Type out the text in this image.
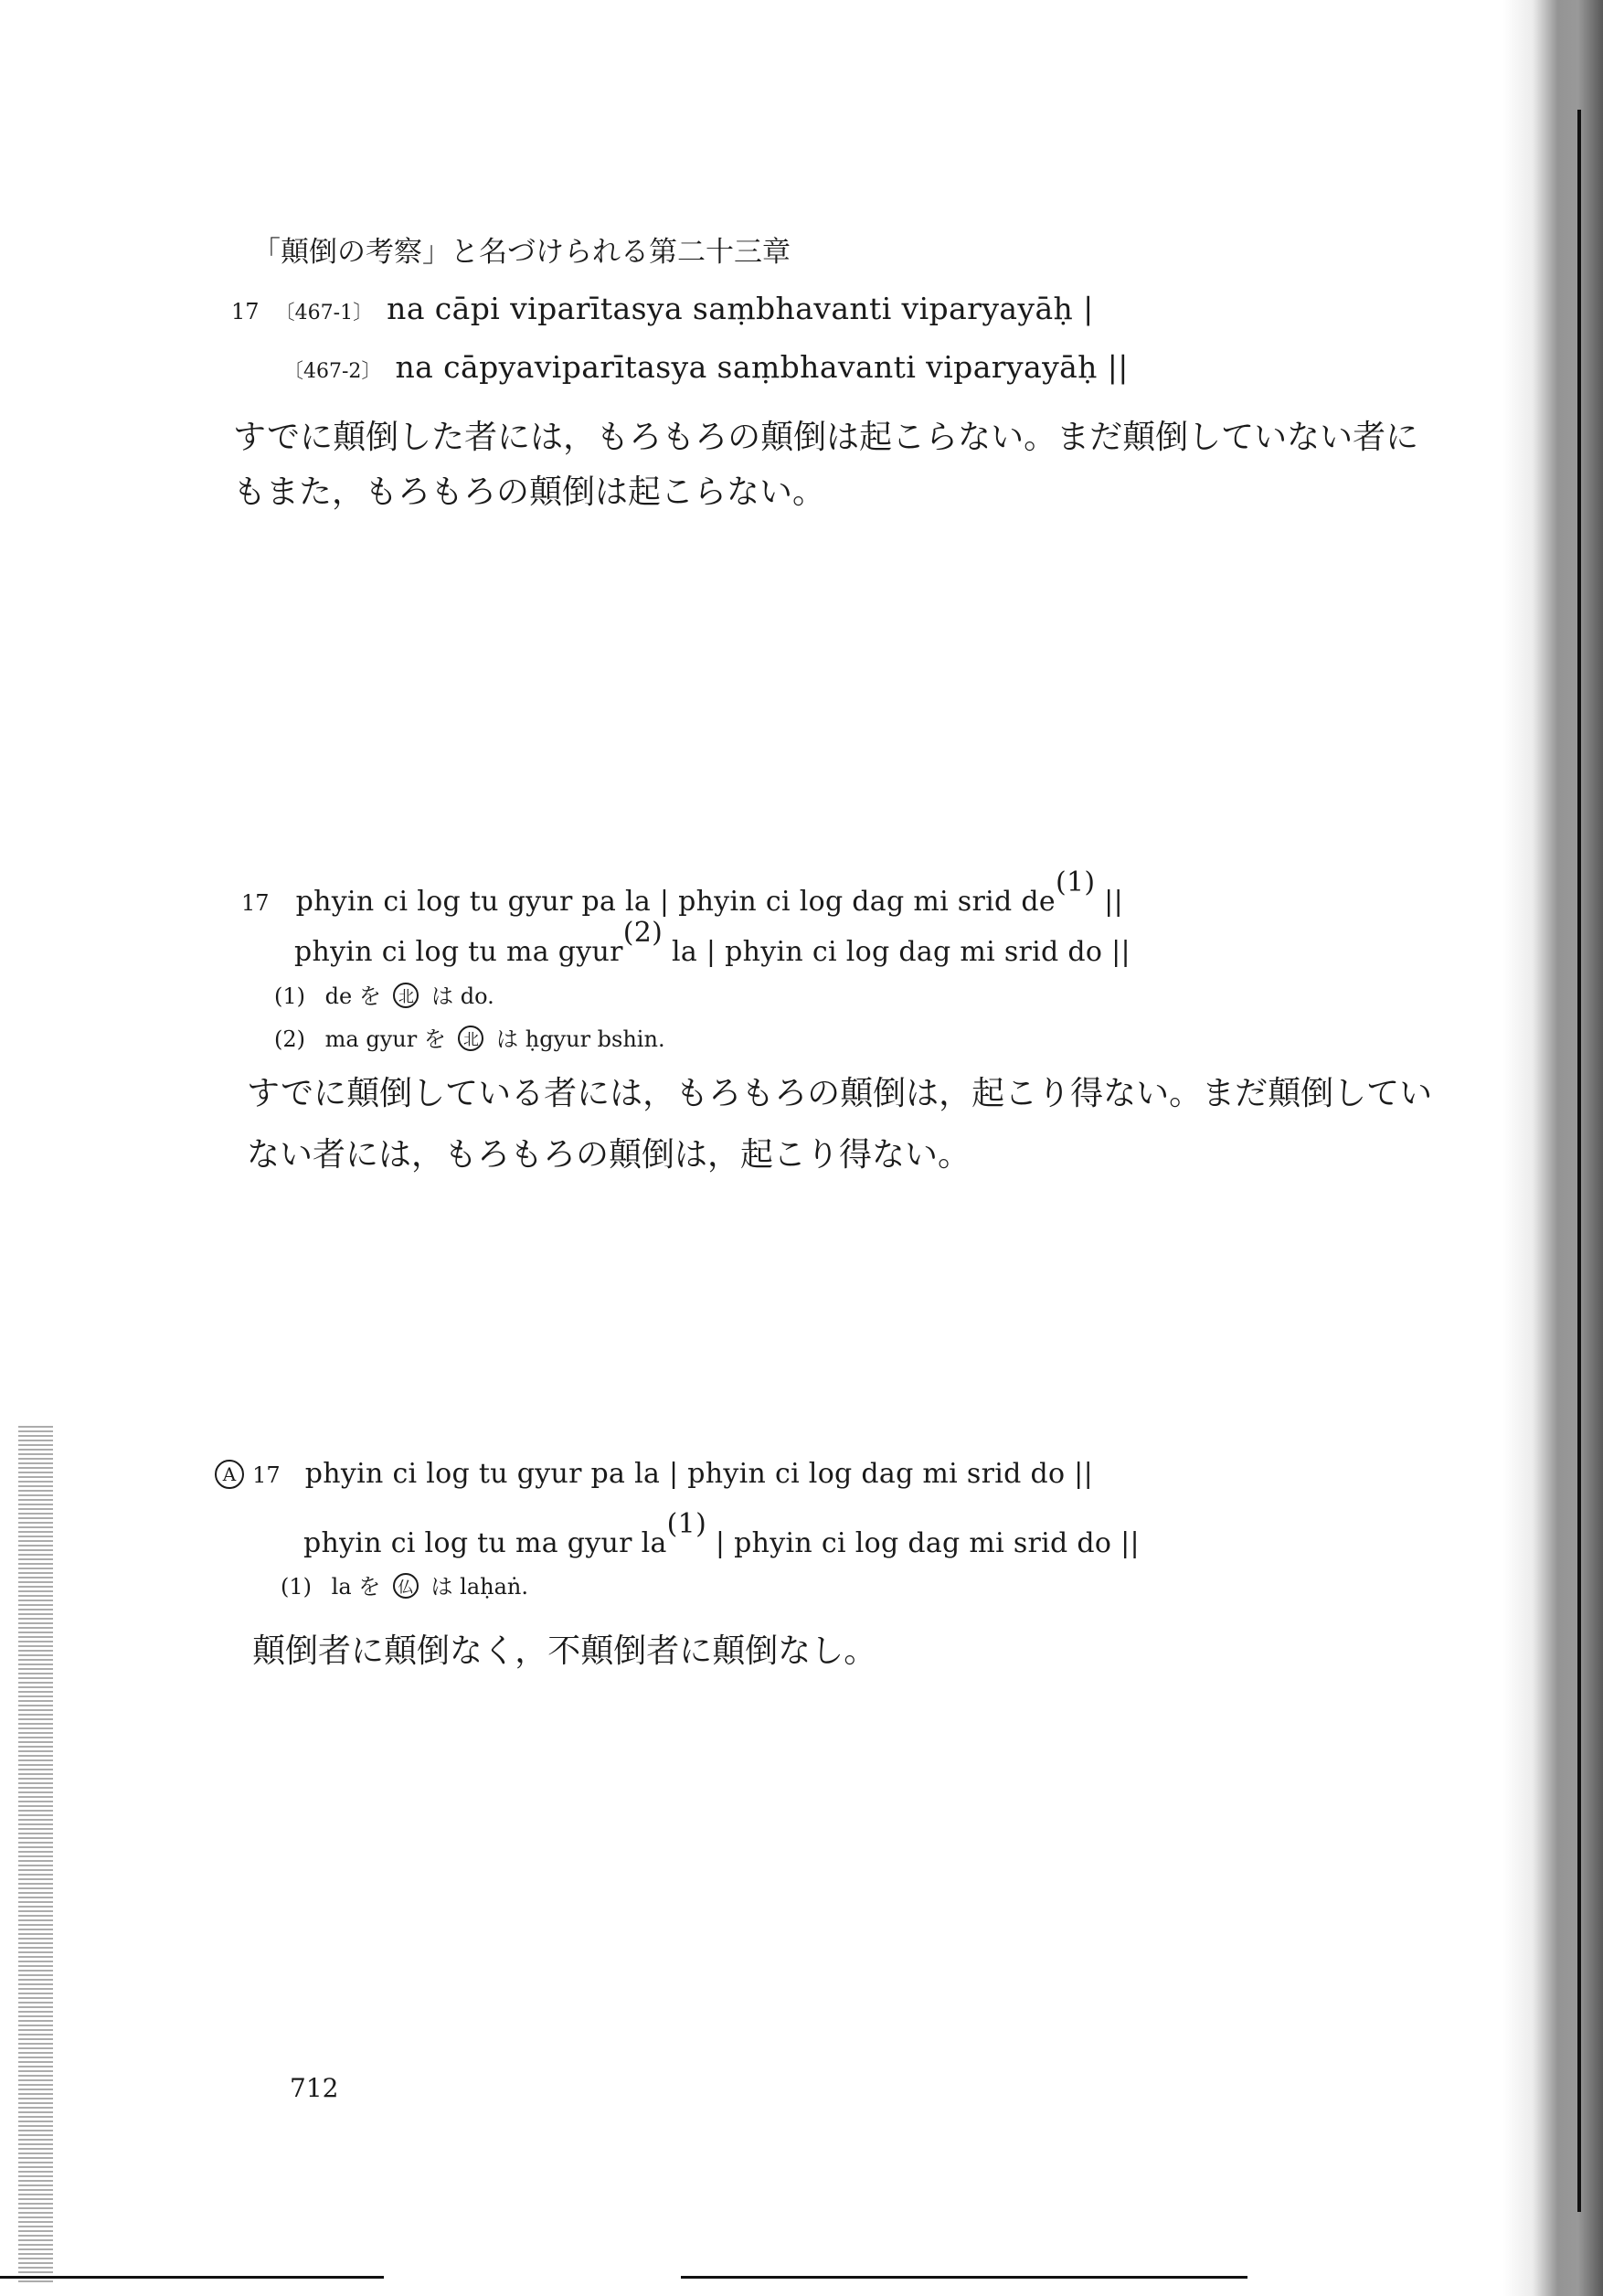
「顛倒の考察」と名づけられる第二十三章
17 〔467-1〕 na cāpi viparītasya saṃbhavanti viparyayāḥ |
〔467-2〕 na cāpyaviparītasya saṃbhavanti viparyayāḥ ||
すでに顛倒した者には，もろもろの顛倒は起こらない。まだ顛倒していない者に
もまた，もろもろの顛倒は起こらない。
17 phyin ci log tu gyur pa la | phyin ci log dag mi srid $de^{(1)}$ ||
phyin ci log tu ma gyur$^{(2)}$ la | phyin ci log dag mi srid do ||
(1) de を 北 は do.
(2) ma gyur を 北 は ḥgyur bshin.
すでに顛倒している者には，もろもろの顛倒は，起こり得ない。まだ顛倒してい
ない者には，もろもろの顛倒は，起こり得ない。
A 17 phyin ci log tu gyur pa la | phyin ci log dag mi srid do ||
phyin ci log tu ma gyur $la^{(1)}$ | phyin ci log dag mi srid do ||
(1) la を 仏 は laḥaṅ.
顛倒者に顛倒なく，不顛倒者に顛倒なし。
712
